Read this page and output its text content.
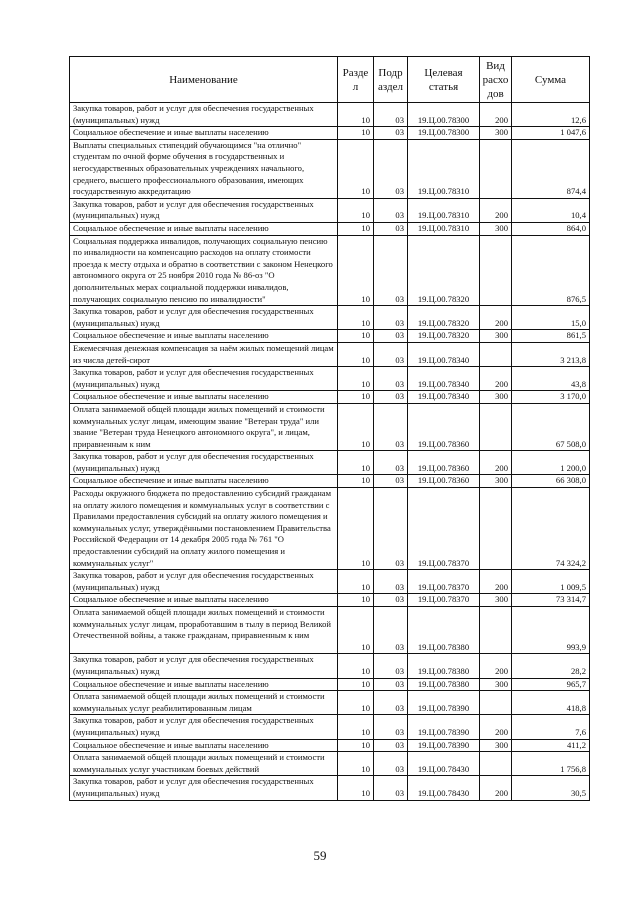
Наименование	Разде л	Подр аздел	Целевая статья	Вид расхо дов	Сумма
Закупка товаров, работ и услуг для обеспечения государственных (муниципальных) нужд	10	03	19.Ц.00.78300	200	12,6
Социальное обеспечение и иные выплаты населению	10	03	19.Ц.00.78300	300	1 047,6
Выплаты специальных стипендий обучающимся "на отлично" студентам по очной форме обучения в государственных и негосударственных образовательных учреждениях начального, среднего, высшего профессионального образования, имеющих государственную аккредитацию	10	03	19.Ц.00.78310		874,4
Закупка товаров, работ и услуг для обеспечения государственных (муниципальных) нужд	10	03	19.Ц.00.78310	200	10,4
Социальное обеспечение и иные выплаты населению	10	03	19.Ц.00.78310	300	864,0
Социальная поддержка инвалидов, получающих социальную пенсию по инвалидности на компенсацию расходов на оплату стоимости проезда к месту отдыха и обратно в соответствии с законом Ненецкого автономного округа от 25 ноября 2010 года № 86-оз "О дополнительных мерах социальной поддержки инвалидов, получающих социальную пенсию по инвалидности"	10	03	19.Ц.00.78320		876,5
Закупка товаров, работ и услуг для обеспечения государственных (муниципальных) нужд	10	03	19.Ц.00.78320	200	15,0
Социальное обеспечение и иные выплаты населению	10	03	19.Ц.00.78320	300	861,5
Ежемесячная денежная компенсация за наём жилых помещений лицам из числа детей-сирот	10	03	19.Ц.00.78340		3 213,8
Закупка товаров, работ и услуг для обеспечения государственных (муниципальных) нужд	10	03	19.Ц.00.78340	200	43,8
Социальное обеспечение и иные выплаты населению	10	03	19.Ц.00.78340	300	3 170,0
Оплата занимаемой общей площади жилых помещений и стоимости коммунальных услуг лицам, имеющим звание "Ветеран труда" или звание "Ветеран труда Ненецкого автономного округа", и лицам, приравненным к ним	10	03	19.Ц.00.78360		67 508,0
Закупка товаров, работ и услуг для обеспечения государственных (муниципальных) нужд	10	03	19.Ц.00.78360	200	1 200,0
Социальное обеспечение и иные выплаты населению	10	03	19.Ц.00.78360	300	66 308,0
Расходы окружного бюджета по предоставлению субсидий гражданам на оплату жилого помещения и коммунальных услуг в соответствии с Правилами предоставления субсидий на оплату жилого помещения и коммунальных услуг, утверждёнными постановлением Правительства Российской Федерации от 14 декабря 2005 года № 761 "О предоставлении субсидий на оплату жилого помещения и коммунальных услуг"	10	03	19.Ц.00.78370		74 324,2
Закупка товаров, работ и услуг для обеспечения государственных (муниципальных) нужд	10	03	19.Ц.00.78370	200	1 009,5
Социальное обеспечение и иные выплаты населению	10	03	19.Ц.00.78370	300	73 314,7
Оплата занимаемой общей площади жилых помещений и стоимости коммунальных услуг лицам, проработавшим в тылу в период Великой Отечественной войны, а также гражданам, приравненным к ним	10	03	19.Ц.00.78380		993,9
Закупка товаров, работ и услуг для обеспечения государственных (муниципальных) нужд	10	03	19.Ц.00.78380	200	28,2
Социальное обеспечение и иные выплаты населению	10	03	19.Ц.00.78380	300	965,7
Оплата занимаемой общей площади жилых помещений и стоимости коммунальных услуг реабилитированным лицам	10	03	19.Ц.00.78390		418,8
Закупка товаров, работ и услуг для обеспечения государственных (муниципальных) нужд	10	03	19.Ц.00.78390	200	7,6
Социальное обеспечение и иные выплаты населению	10	03	19.Ц.00.78390	300	411,2
Оплата занимаемой общей площади жилых помещений и стоимости коммунальных услуг участникам боевых действий	10	03	19.Ц.00.78430		1 756,8
Закупка товаров, работ и услуг для обеспечения государственных (муниципальных) нужд	10	03	19.Ц.00.78430	200	30,5
59
